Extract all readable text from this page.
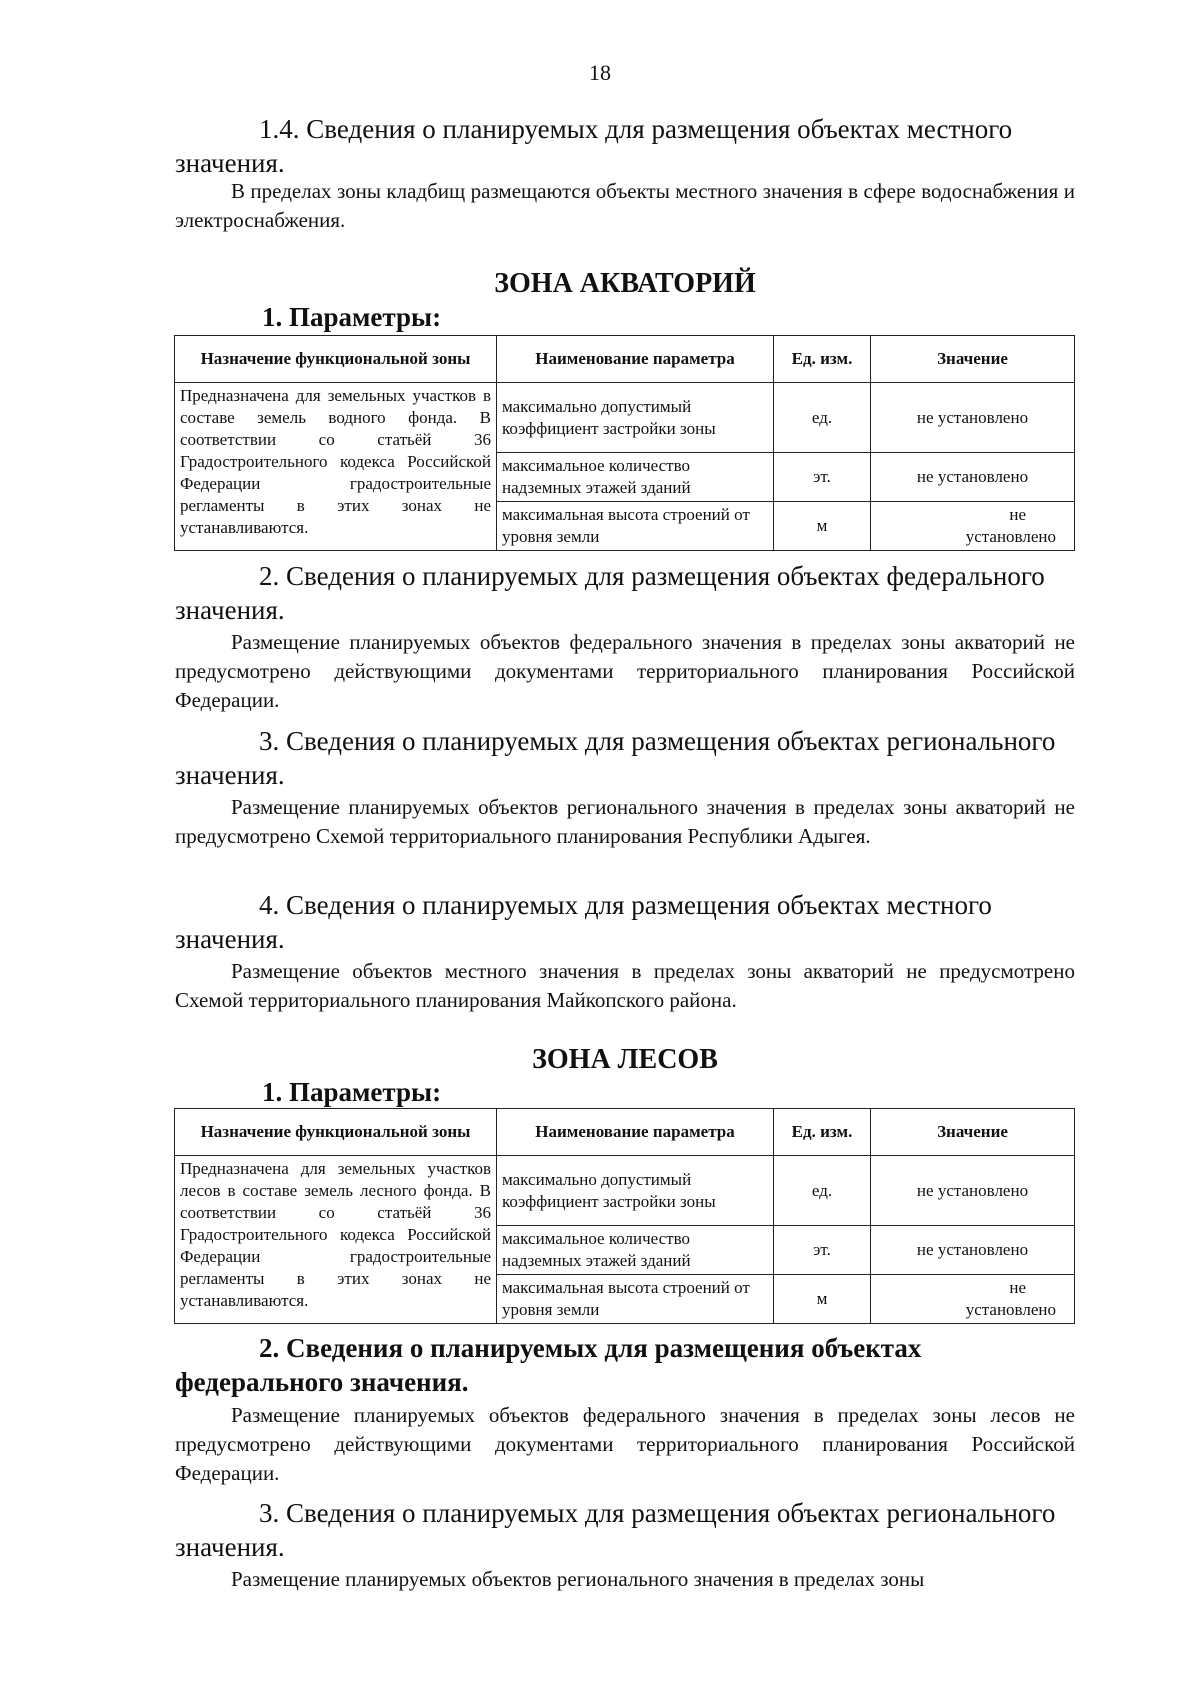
18
1.4. Сведения о планируемых для размещения объектах местного значения.
В пределах зоны кладбищ размещаются объекты местного значения в сфере водоснабжения и электроснабжения.
ЗОНА АКВАТОРИЙ
1. Параметры:
Назначение функциональной зоны	Наименование параметра	Ед. изм.	Значение
Предназначена для земельных участков в составе земель водного фонда. В соответствии со статьёй 36 Градостроительного кодекса Российской Федерации градостроительные регламенты в этих зонах не устанавливаются.	максимально допустимый коэффициент застройки зоны	ед.	не установлено
	максимальное количество надземных этажей зданий	эт.	не установлено
	максимальная высота строений от уровня земли	м	не
установлено
2. Сведения о планируемых для размещения объектах федерального значения.
Размещение планируемых объектов федерального значения в пределах зоны акваторий не предусмотрено действующими документами территориального планирования Российской Федерации.
3. Сведения о планируемых для размещения объектах регионального значения.
Размещение планируемых объектов регионального значения в пределах зоны акваторий не предусмотрено Схемой территориального планирования Республики Адыгея.
4. Сведения о планируемых для размещения объектах местного значения.
Размещение объектов местного значения в пределах зоны акваторий не предусмотрено Схемой территориального планирования Майкопского района.
ЗОНА ЛЕСОВ
1. Параметры:
Назначение функциональной зоны	Наименование параметра	Ед. изм.	Значение
Предназначена для земельных участков лесов в составе земель лесного фонда. В соответствии со статьёй 36 Градостроительного кодекса Российской Федерации градостроительные регламенты в этих зонах не устанавливаются.	максимально допустимый коэффициент застройки зоны	ед.	не установлено
	максимальное количество надземных этажей зданий	эт.	не установлено
	максимальная высота строений от уровня земли	м	не
установлено
2. Сведения о планируемых для размещения объектах федерального значения.
Размещение планируемых объектов федерального значения в пределах зоны лесов не предусмотрено действующими документами территориального планирования Российской Федерации.
3. Сведения о планируемых для размещения объектах регионального значения.
Размещение планируемых объектов регионального значения в пределах зоны
